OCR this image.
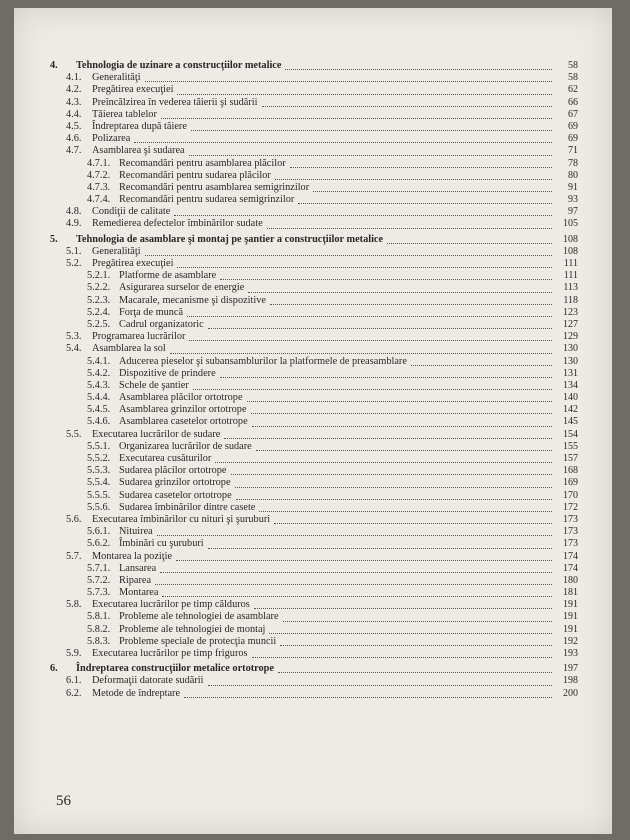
4.	Tehnologia de uzinare a construcţiilor metalice	58
4.1.	Generalităţi	58
4.2.	Pregătirea execuţiei	62
4.3.	Preîncălzirea în vederea tăierii şi sudării	66
4.4.	Tăierea tablelor	67
4.5.	Îndreptarea după tăiere	69
4.6.	Polizarea	69
4.7.	Asamblarea şi sudarea	71
4.7.1. Recomandări pentru asamblarea plăcilor	78
4.7.2. Recomandări pentru sudarea plăcilor	80
4.7.3. Recomandări pentru asamblarea semigrinzilor	91
4.7.4. Recomandări pentru sudarea semigrinzilor	93
4.8.	Condiţii de calitate	97
4.9.	Remedierea defectelor îmbinărilor sudate	105
5.	Tehnologia de asamblare şi montaj pe şantier a construcţiilor metalice	108
5.1.	Generalităţi	108
5.2.	Pregătirea execuţiei	111
5.2.1. Platforme de asamblare	111
5.2.2. Asigurarea surselor de energie	113
5.2.3. Macarale, mecanisme şi dispozitive	118
5.2.4. Forţa de muncă	123
5.2.5. Cadrul organizatoric	127
5.3.	Programarea lucrărilor	129
5.4.	Asamblarea la sol	130
5.4.1. Aducerea pieselor şi subansamblurilor la platformele de preasamblare	130
5.4.2. Dispozitive de prindere	131
5.4.3. Schele de şantier	134
5.4.4. Asamblarea plăcilor ortotrope	140
5.4.5. Asamblarea grinzilor ortotrope	142
5.4.6. Asamblarea casetelor ortotrope	145
5.5.	Executarea lucrărilor de sudare	154
5.5.1. Organizarea lucrărilor de sudare	155
5.5.2. Executarea cusăturilor	157
5.5.3. Sudarea plăcilor ortotrope	168
5.5.4. Sudarea grinzilor ortotrope	169
5.5.5. Sudarea casetelor ortotrope	170
5.5.6. Sudarea îmbinărilor dintre casete	172
5.6.	Executarea îmbinărilor cu nituri şi şuruburi	173
5.6.1. Nituirea	173
5.6.2. Îmbinări cu şuruburi	173
5.7.	Montarea la poziţie	174
5.7.1. Lansarea	174
5.7.2. Riparea	180
5.7.3. Montarea	181
5.8.	Executarea lucrărilor pe timp călduros	191
5.8.1. Probleme ale tehnologiei de asamblare	191
5.8.2. Probleme ale tehnologiei de montaj	191
5.8.3. Probleme speciale de protecţia muncii	192
5.9.	Executarea lucrărilor pe timp friguros	193
6.	Îndreptarea construcţiilor metalice ortotrope	197
6.1.	Deformaţii datorate sudării	198
6.2.	Metode de îndreptare	200
56
